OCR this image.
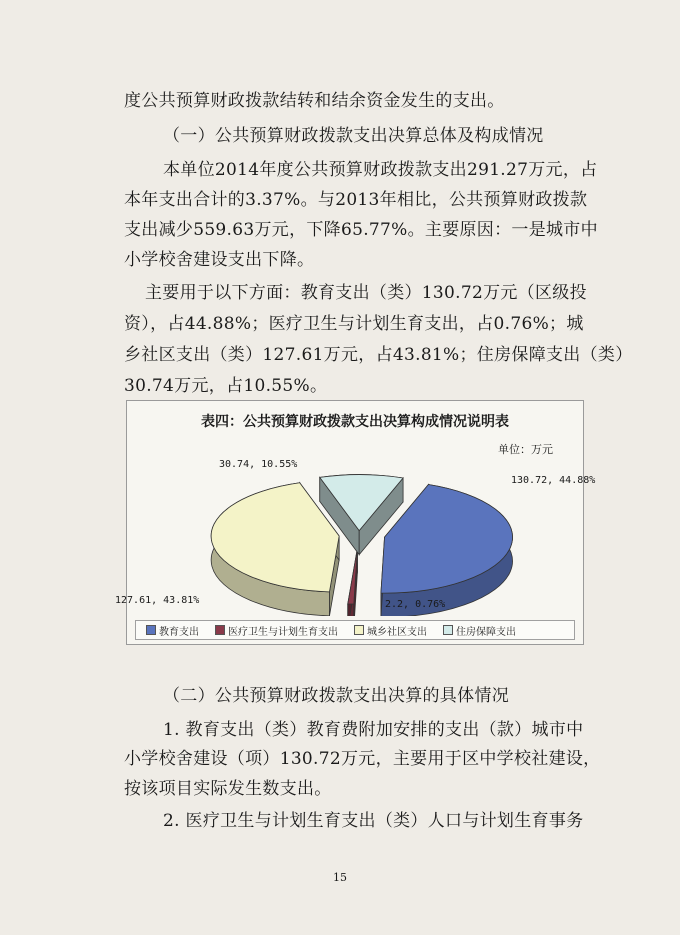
度公共预算财政拨款结转和结余资金发生的支出。
（一）公共预算财政拨款支出决算总体及构成情况
本单位2014年度公共预算财政拨款支出291.27万元，占
本年支出合计的3.37%。与2013年相比，公共预算财政拨款
支出减少559.63万元，下降65.77%。主要原因：一是城市中
小学校舍建设支出下降。
主要用于以下方面：教育支出（类）130.72万元（区级投
资），占44.88%；医疗卫生与计划生育支出，占0.76%；城
乡社区支出（类）127.61万元，占43.81%；住房保障支出（类）
30.74万元，占10.55%。
表四：公共预算财政拨款支出决算构成情况说明表
单位：万元
130.72, 44.88%
2.2, 0.76%
127.61, 43.81%
30.74, 10.55%
教育支出	医疗卫生与计划生育支出	城乡社区支出	住房保障支出
（二）公共预算财政拨款支出决算的具体情况
1. 教育支出（类）教育费附加安排的支出（款）城市中
小学校舍建设（项）130.72万元，主要用于区中学校社建设，
按该项目实际发生数支出。
2. 医疗卫生与计划生育支出（类）人口与计划生育事务
15
